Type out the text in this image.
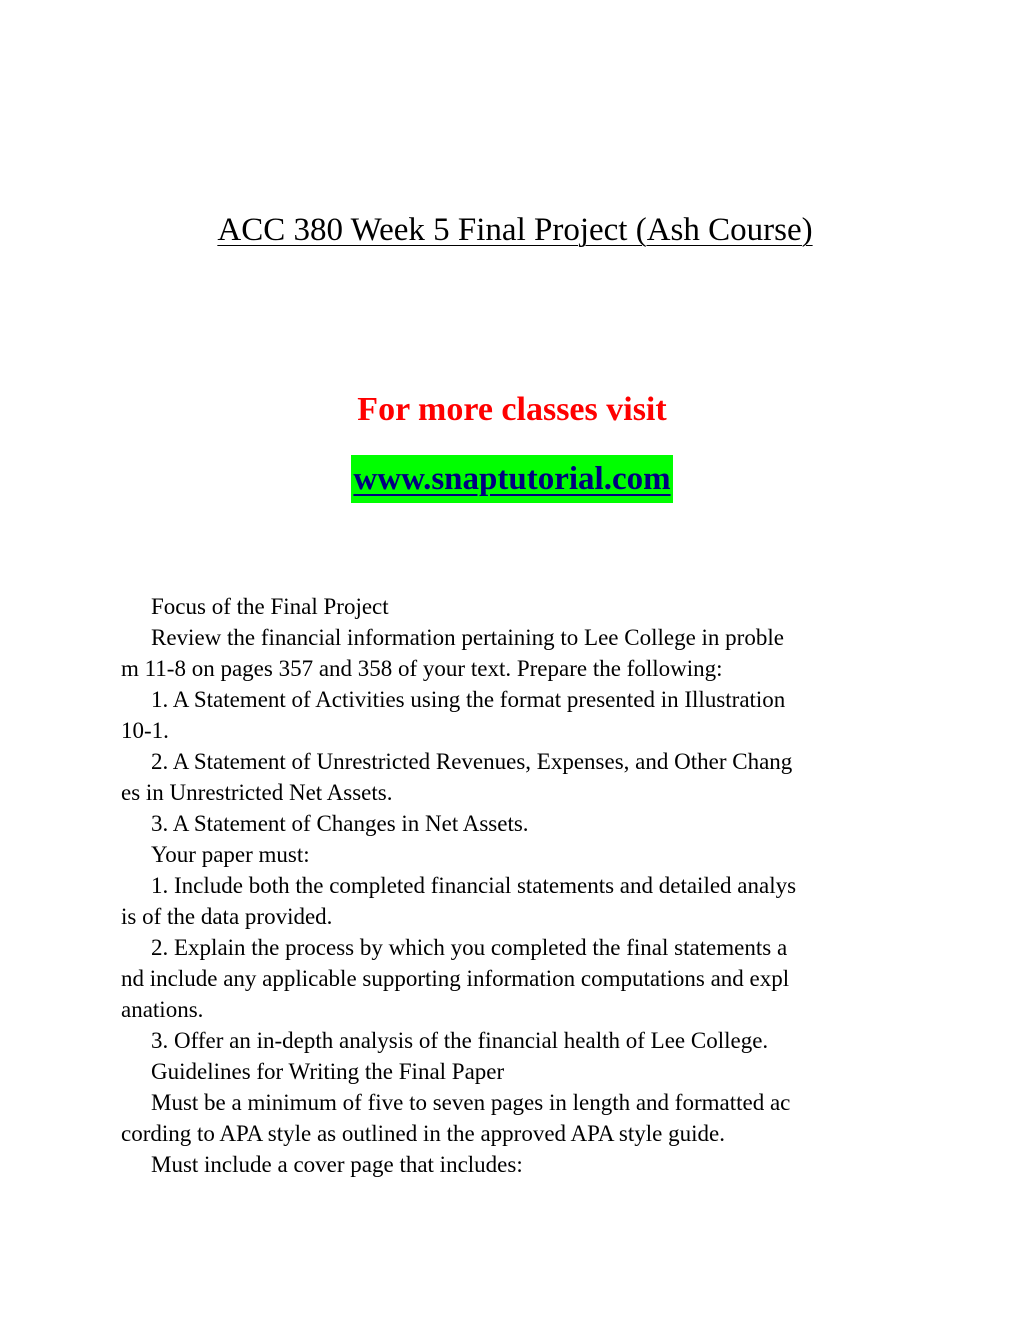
ACC 380 Week 5 Final Project (Ash Course)
For more classes visit
www.snaptutorial.com
Focus of the Final Project
Review the financial information pertaining to Lee College in proble
m 11-8 on pages 357 and 358 of your text. Prepare the following:
1. A Statement of Activities using the format presented in Illustration
10-1.
2. A Statement of Unrestricted Revenues, Expenses, and Other Chang
es in Unrestricted Net Assets.
3. A Statement of Changes in Net Assets.
Your paper must:
1. Include both the completed financial statements and detailed analys
is of the data provided.
2. Explain the process by which you completed the final statements a
nd include any applicable supporting information computations and expl
anations.
3. Offer an in-depth analysis of the financial health of Lee College.
Guidelines for Writing the Final Paper
Must be a minimum of five to seven pages in length and formatted ac
cording to APA style as outlined in the approved APA style guide.
Must include a cover page that includes:
